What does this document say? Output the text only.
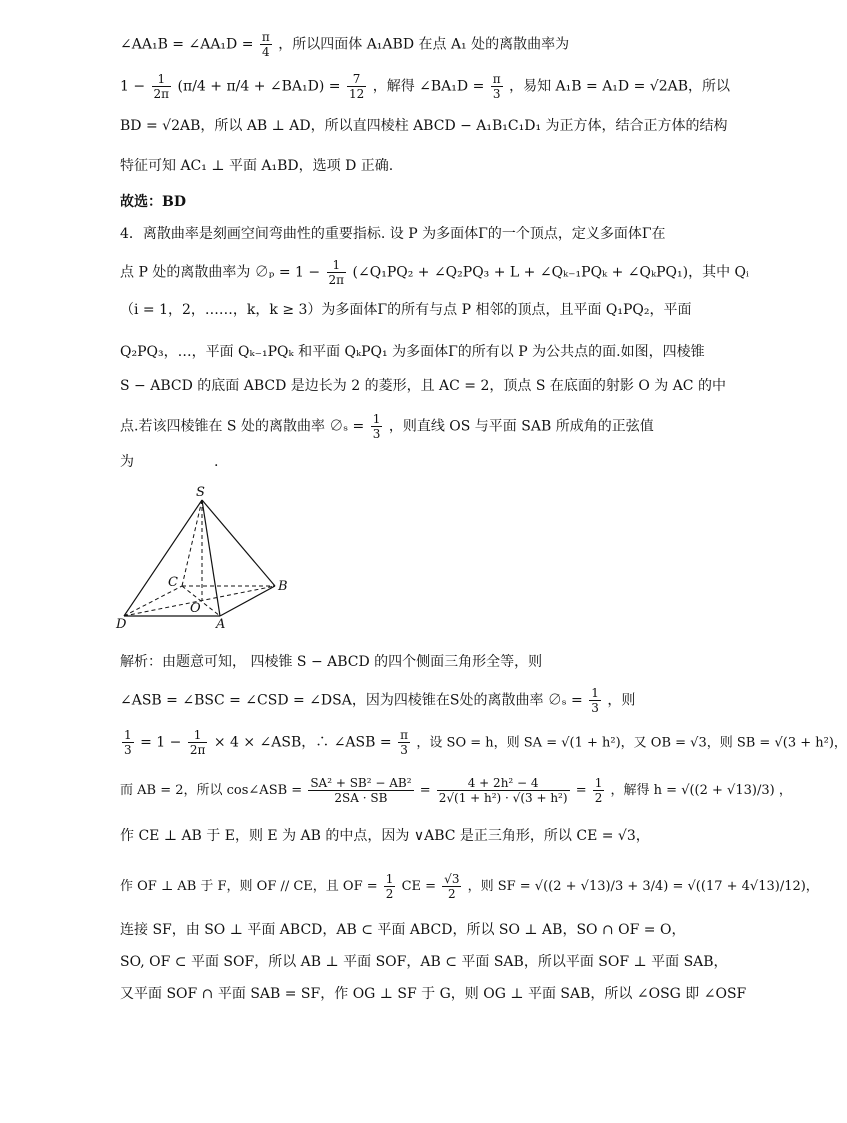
∠AA₁B = ∠AA₁D = $\frac{\pi}{4}$ ，所以四面体 A₁ABD 在点 A₁ 处的离散曲率为
$1 - \frac{1}{2\pi} (\pi/4 + \pi/4$ + ∠BA₁D) = $\frac{7}{12}$ ，解得 ∠BA₁D = $\frac{\pi}{3}$ ，易知 A₁B = A₁D = √2AB，所以
BD = √2AB，所以 AB ⊥ AD，所以直四棱柱 ABCD − A₁B₁C₁D₁ 为正方体，结合正方体的结构
特征可知 AC₁ ⊥ 平面 A₁BD，选项 D 正确.
故选：BD
4．离散曲率是刻画空间弯曲性的重要指标. 设 P 为多面体Γ的一个顶点，定义多面体Γ在
点 P 处的离散曲率为 ∅ₚ = $1 - \frac{1}{2\pi}$ (∠Q₁PQ₂ + ∠Q₂PQ₃ + L + ∠Qₖ₋₁PQₖ + ∠QₖPQ₁)，其中 Qᵢ
（i = 1，2，……，k，k ≥ 3）为多面体Γ的所有与点 P 相邻的顶点，且平面 Q₁PQ₂，平面
Q₂PQ₃，…，平面 Qₖ₋₁PQₖ 和平面 QₖPQ₁ 为多面体Γ的所有以 P 为公共点的面.如图，四棱锥
S − ABCD 的底面 ABCD 是边长为 2 的菱形，且 AC = 2，顶点 S 在底面的射影 O 为 AC 的中
点.若该四棱锥在 S 处的离散曲率 ∅ₛ = $\frac{1}{3}$ ，则直线 OS 与平面 SAB 所成角的正弦值
为	.
S
C	B
O
D	A
解析：由题意可知， 四棱锥 S − ABCD 的四个侧面三角形全等，则
∠ASB = ∠BSC = ∠CSD = ∠DSA，因为四棱锥在S处的离散曲率 ∅ₛ = $\frac{1}{3}$ ，则
$\frac{1}{3} = 1 - \frac{1}{2\pi} \times 4$ × ∠ASB，∴ ∠ASB = $\frac{\pi}{3}$ ，设 SO = h，则 SA = √(1 + h²)，又 OB = √3，则 SB = √(3 + h²)，
而 AB = 2，所以 cos∠ASB = $\frac{\text{SA² + SB² − AB²}}{2SA \cdot SB} = \frac{\text{4 + 2h² − 4}}{\text{2√(1 + h²) · √(3 + h²)}} = \frac{1}{2}$ ，解得 h = √((2 + √13)/3) ，
作 CE ⊥ AB 于 E，则 E 为 AB 的中点，因为 ∨ABC 是正三角形，所以 CE = √3，
作 OF ⊥ AB 于 F，则 OF // CE，且 OF = $\frac{1}{2}$ CE = $\frac{√3}{2}$ ，则 SF = √((2 + √13)/3 + 3/4) = √((17 + 4√13)/12)，
连接 SF，由 SO ⊥ 平面 ABCD，AB ⊂ 平面 ABCD，所以 SO ⊥ AB，SO ∩ OF = O，
SO, OF ⊂ 平面 SOF，所以 AB ⊥ 平面 SOF，AB ⊂ 平面 SAB，所以平面 SOF ⊥ 平面 SAB，
又平面 SOF ∩ 平面 SAB = SF，作 OG ⊥ SF 于 G，则 OG ⊥ 平面 SAB，所以 ∠OSG 即 ∠OSF
